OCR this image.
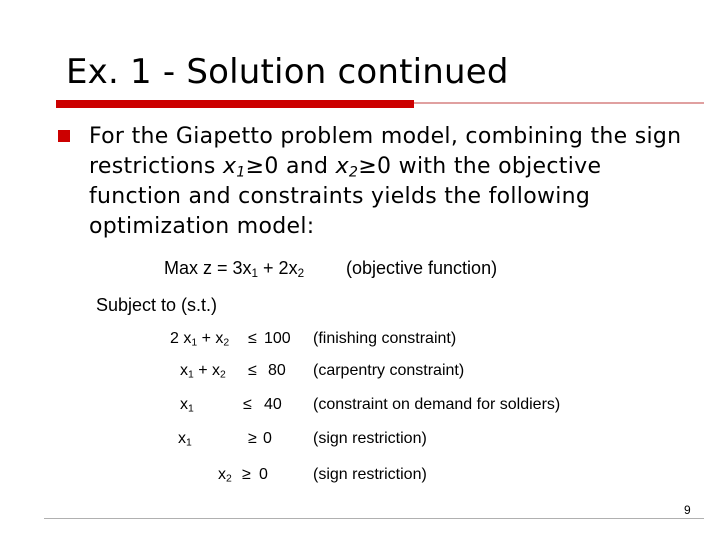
Ex. 1 - Solution continued
For the Giapetto problem model, combining the sign restrictions $x_1\ge 0$ and $x_2\ge 0$ with the objective function and constraints yields the following optimization model:
Max $z = 3x_1 + 2x_2$ (objective function)
Subject to (s.t.)
2 $x_1 + x_2 \le 100$ (finishing constraint)
$x_1 + x_2 \le 80$ (carpentry constraint)
$x_1$	≤ 40 (constraint on demand for soldiers)
$x_1$	≥ 0	(sign restriction)
$x_2 \ge 0$	(sign restriction)
9
